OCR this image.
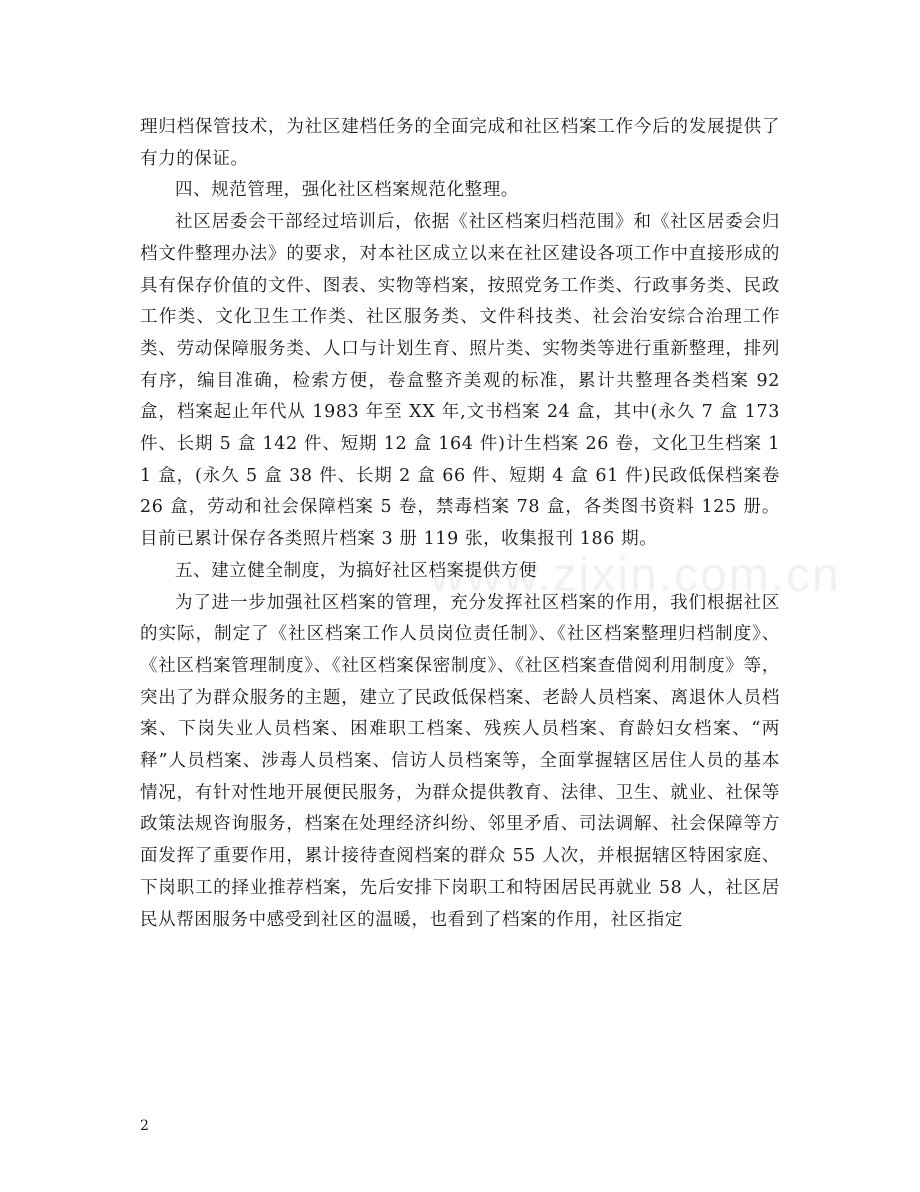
www.zixin.com.cn

理归档保管技术，为社区建档任务的全面完成和社区档案工作今后的发展提供了有力的保证。

四、规范管理，强化社区档案规范化整理。

社区居委会干部经过培训后，依据《社区档案归档范围》和《社区居委会归档文件整理办法》的要求，对本社区成立以来在社区建设各项工作中直接形成的具有保存价值的文件、图表、实物等档案，按照党务工作类、行政事务类、民政工作类、文化卫生工作类、社区服务类、文件科技类、社会治安综合治理工作类、劳动保障服务类、人口与计划生育、照片类、实物类等进行重新整理，排列有序，编目准确，检索方便，卷盒整齐美观的标准，累计共整理各类档案 92 盒，档案起止年代从 1983 年至 XX 年,文书档案 24 盒，其中(永久 7 盒 173 件、长期 5 盒 142 件、短期 12 盒 164 件)计生档案 26 卷，文化卫生档案 11 盒，(永久 5 盒 38 件、长期 2 盒 66 件、短期 4 盒 61 件)民政低保档案卷 26 盒，劳动和社会保障档案 5 卷，禁毒档案 78 盒，各类图书资料 125 册。目前已累计保存各类照片档案 3 册 119 张，收集报刊 186 期。

五、建立健全制度，为搞好社区档案提供方便

为了进一步加强社区档案的管理，充分发挥社区档案的作用，我们根据社区的实际，制定了《社区档案工作人员岗位责任制》、《社区档案整理归档制度》、《社区档案管理制度》、《社区档案保密制度》、《社区档案查借阅利用制度》等，突出了为群众服务的主题，建立了民政低保档案、老龄人员档案、离退休人员档案、下岗失业人员档案、困难职工档案、残疾人员档案、育龄妇女档案、“两释”人员档案、涉毒人员档案、信访人员档案等，全面掌握辖区居住人员的基本情况，有针对性地开展便民服务，为群众提供教育、法律、卫生、就业、社保等政策法规咨询服务，档案在处理经济纠纷、邻里矛盾、司法调解、社会保障等方面发挥了重要作用，累计接待查阅档案的群众 55 人次，并根据辖区特困家庭、下岗职工的择业推荐档案，先后安排下岗职工和特困居民再就业 58 人，社区居民从帮困服务中感受到社区的温暖，也看到了档案的作用，社区指定

2
